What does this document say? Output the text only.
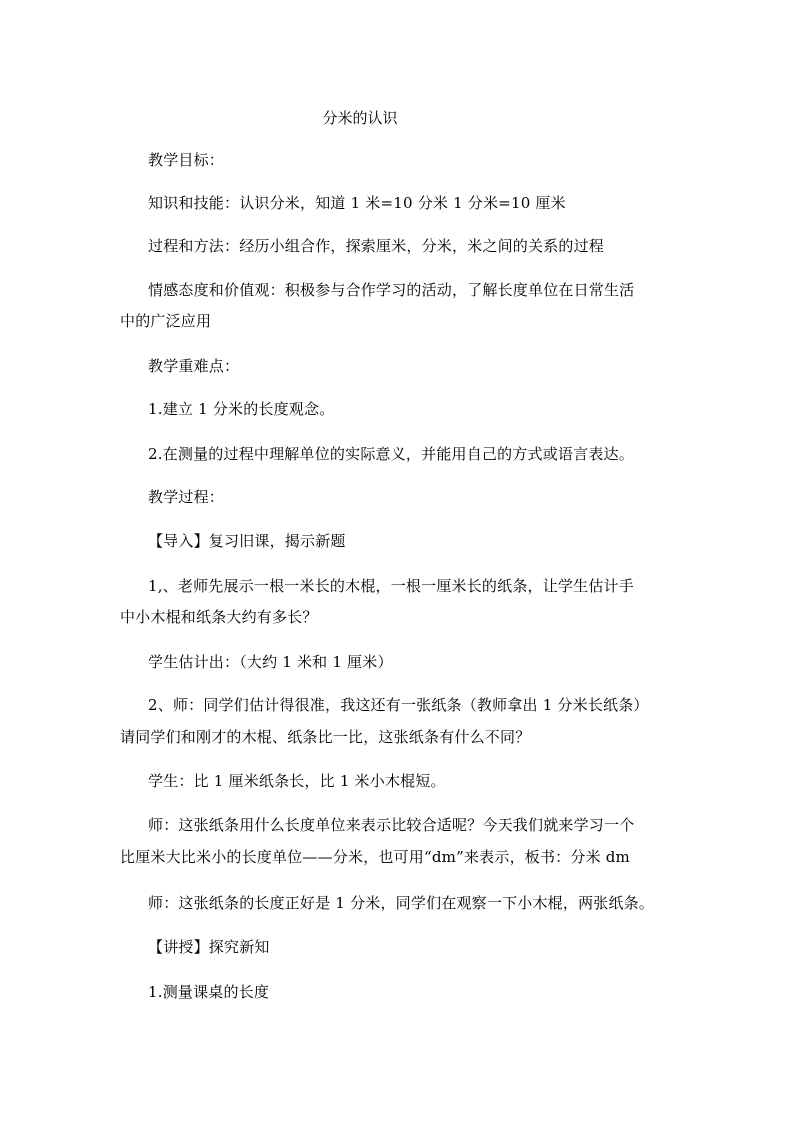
分米的认识
教学目标：
知识和技能：认识分米，知道 1 米=10 分米 1 分米=10 厘米
过程和方法：经历小组合作，探索厘米，分米，米之间的关系的过程
情感态度和价值观：积极参与合作学习的活动，了解长度单位在日常生活
中的广泛应用
教学重难点：
1.建立 1 分米的长度观念。
2.在测量的过程中理解单位的实际意义，并能用自己的方式或语言表达。
教学过程：
【导入】复习旧课，揭示新题
1,、老师先展示一根一米长的木棍，一根一厘米长的纸条，让学生估计手
中小木棍和纸条大约有多长？
学生估计出：（大约 1 米和 1 厘米）
2、师：同学们估计得很准，我这还有一张纸条（教师拿出 1 分米长纸条）
请同学们和刚才的木棍、纸条比一比，这张纸条有什么不同？
学生：比 1 厘米纸条长，比 1 米小木棍短。
师：这张纸条用什么长度单位来表示比较合适呢？今天我们就来学习一个
比厘米大比米小的长度单位——分米，也可用“dm”来表示，板书：分米 dm
师：这张纸条的长度正好是 1 分米，同学们在观察一下小木棍，两张纸条。
【讲授】探究新知
1.测量课桌的长度
